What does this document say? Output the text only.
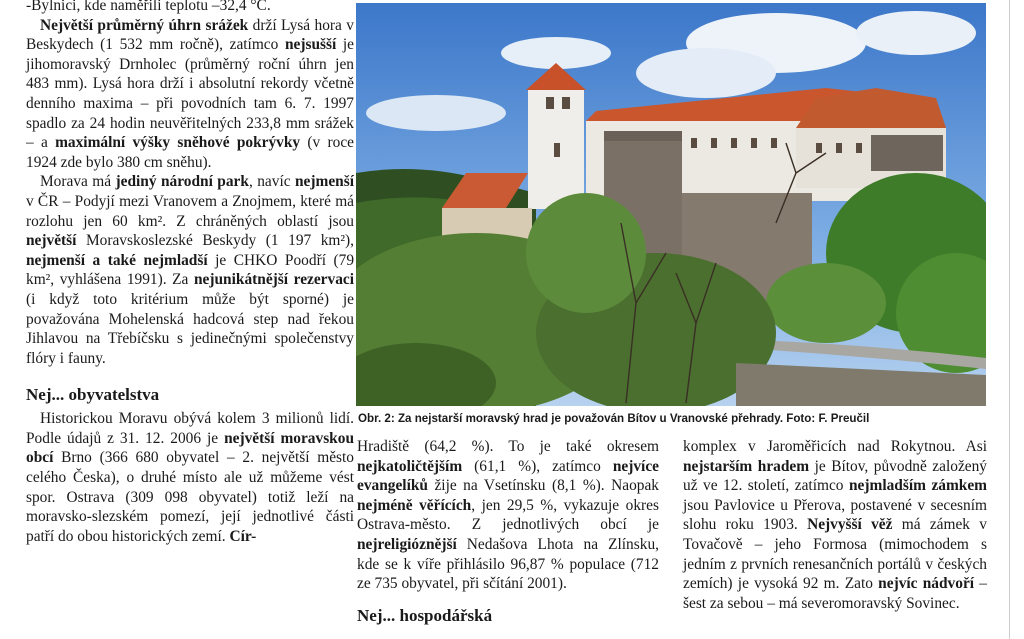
-Bylnici, kde naměřili teplotu –32,4 °C.

Největší průměrný úhrn srážek drží Lysá hora v Beskydech (1 532 mm ročně), zatímco nejsušší je jihomoravský Drnholec (průměrný roční úhrn jen 483 mm). Lysá hora drží i absolutní rekordy včetně denního maxima – při povodních tam 6. 7. 1997 spadlo za 24 hodin neuvěřitelných 233,8 mm srážek – a maximální výšky sněhové pokrývky (v roce 1924 zde bylo 380 cm sněhu).

Morava má jediný národní park, navíc nejmenší v ČR – Podyjí mezi Vranovem a Znojmem, které má rozlohu jen 60 km². Z chráněných oblastí jsou největší Moravskoslezské Beskydy (1 197 km²), nejmenší a také nejmladší je CHKO Poodří (79 km², vyhlášena 1991). Za nejunikátnější rezervaci (i když toto kritérium může být sporné) je považována Mohelenská hadcová step nad řekou Jihlavou na Třebíčsku s jedinečnými společenstvy flóry i fauny.

Nej... obyvatelstva

Historickou Moravu obývá kolem 3 milionů lidí. Podle údajů z 31. 12. 2006 je největší moravskou obcí Brno (366 680 obyvatel – 2. největší město celého Česka), o druhé místo ale už můžeme vést spor. Ostrava (309 098 obyvatel) totiž leží na moravsko-slezském pomezí, její jednotlivé části patří do obou historických zemí. Cír-

Obr. 2: Za nejstarší moravský hrad je považován Bítov u Vranovské přehrady. Foto: F. Preučil

Hradiště (64,2 %). To je také okresem nejkatoličtějším (61,1 %), zatímco nejvíce evangelíků žije na Vsetínsku (8,1 %). Naopak nejméně věřících, jen 29,5 %, vykazuje okres Ostrava-město. Z jednotlivých obcí je nejreligióznější Nedašova Lhota na Zlínsku, kde se k víře přihlásilo 96,87 % populace (712 ze 735 obyvatel, při sčítání 2001).

Nej... hospodářská

komplex v Jaroměřicích nad Rokytnou. Asi nejstarším hradem je Bítov, původně založený už ve 12. století, zatímco nejmladším zámkem jsou Pavlovice u Přerova, postavené v secesním slohu roku 1903. Nejvyšší věž má zámek v Tovačově – jeho Formosa (mimochodem s jedním z prvních renesančních portálů v českých zemích) je vysoká 92 m. Zato nejvíc nádvoří – šest za sebou – má severomoravský Sovinec.
